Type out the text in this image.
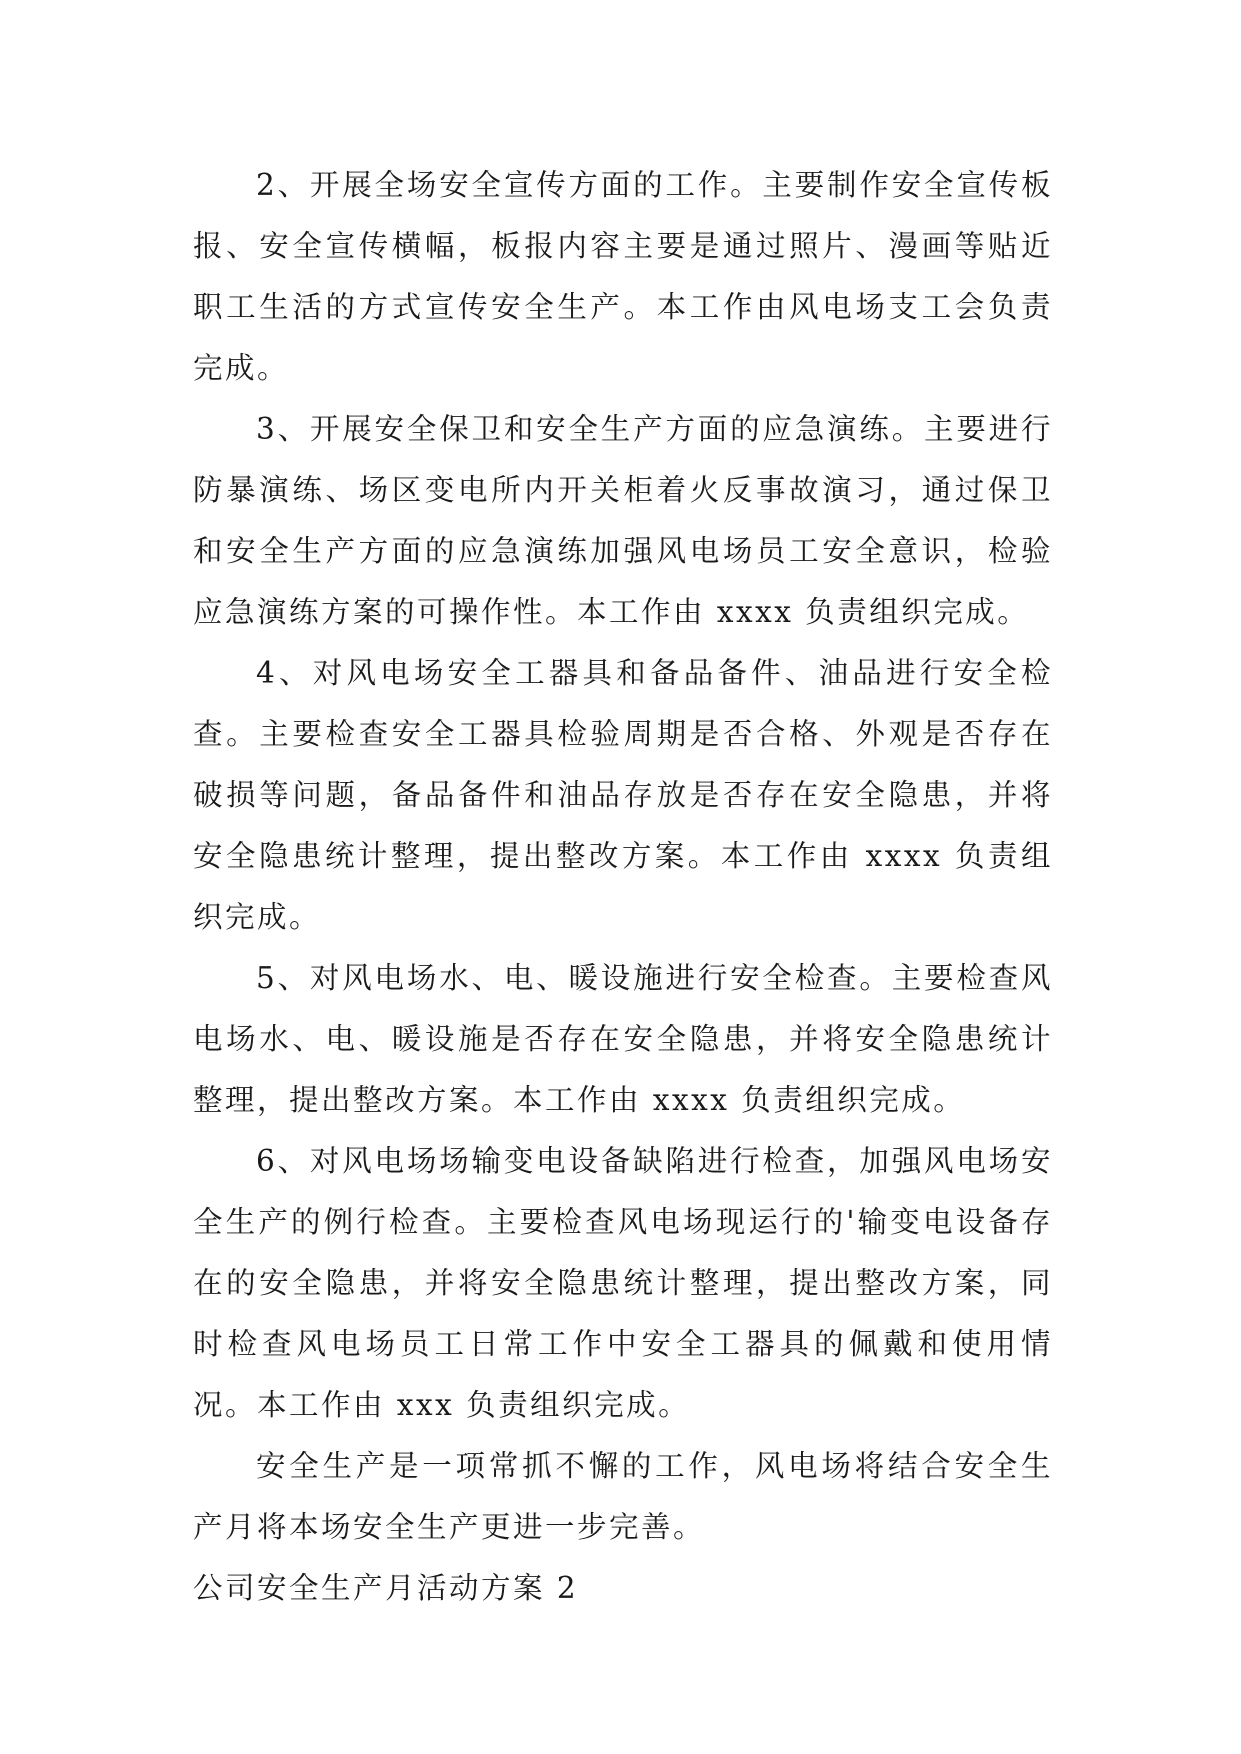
2、开展全场安全宣传方面的工作。主要制作安全宣传板报、安全宣传横幅，板报内容主要是通过照片、漫画等贴近职工生活的方式宣传安全生产。本工作由风电场支工会负责完成。

3、开展安全保卫和安全生产方面的应急演练。主要进行防暴演练、场区变电所内开关柜着火反事故演习，通过保卫和安全生产方面的应急演练加强风电场员工安全意识，检验应急演练方案的可操作性。本工作由 xxxx 负责组织完成。

4、对风电场安全工器具和备品备件、油品进行安全检查。主要检查安全工器具检验周期是否合格、外观是否存在破损等问题，备品备件和油品存放是否存在安全隐患，并将安全隐患统计整理，提出整改方案。本工作由 xxxx 负责组织完成。

5、对风电场水、电、暖设施进行安全检查。主要检查风电场水、电、暖设施是否存在安全隐患，并将安全隐患统计整理，提出整改方案。本工作由 xxxx 负责组织完成。

6、对风电场场输变电设备缺陷进行检查，加强风电场安全生产的例行检查。主要检查风电场现运行的'输变电设备存在的安全隐患，并将安全隐患统计整理，提出整改方案，同时检查风电场员工日常工作中安全工器具的佩戴和使用情况。本工作由 xxx 负责组织完成。

安全生产是一项常抓不懈的工作，风电场将结合安全生产月将本场安全生产更进一步完善。

公司安全生产月活动方案 2
